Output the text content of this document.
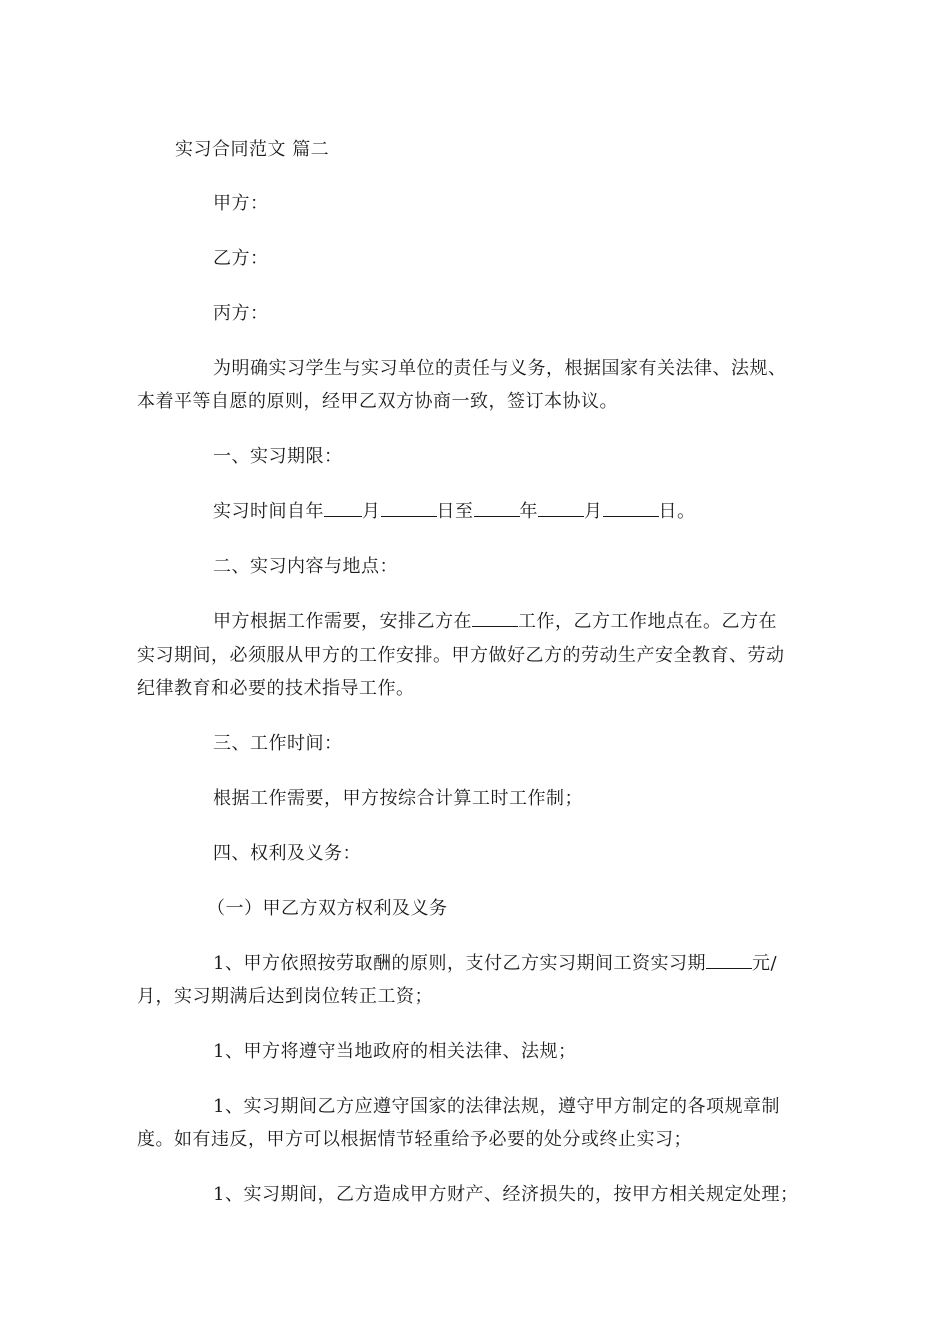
实习合同范文 篇二
甲方：
乙方：
丙方：
为明确实习学生与实习单位的责任与义务，根据国家有关法律、法规、
本着平等自愿的原则，经甲乙双方协商一致，签订本协议。
一、实习期限：
实习时间自年 月	日至	年	月	日。
二、实习内容与地点：
甲方根据工作需要，安排乙方在	工作，乙方工作地点在。乙方在
实习期间，必须服从甲方的工作安排。甲方做好乙方的劳动生产安全教育、劳动
纪律教育和必要的技术指导工作。
三、工作时间：
根据工作需要，甲方按综合计算工时工作制；
四、权利及义务：
（一）甲乙方双方权利及义务
1、甲方依照按劳取酬的原则，支付乙方实习期间工资实习期	元/
月，实习期满后达到岗位转正工资；
1、甲方将遵守当地政府的相关法律、法规；
1、实习期间乙方应遵守国家的法律法规，遵守甲方制定的各项规章制
度。如有违反，甲方可以根据情节轻重给予必要的处分或终止实习；
1、实习期间，乙方造成甲方财产、经济损失的，按甲方相关规定处理；
